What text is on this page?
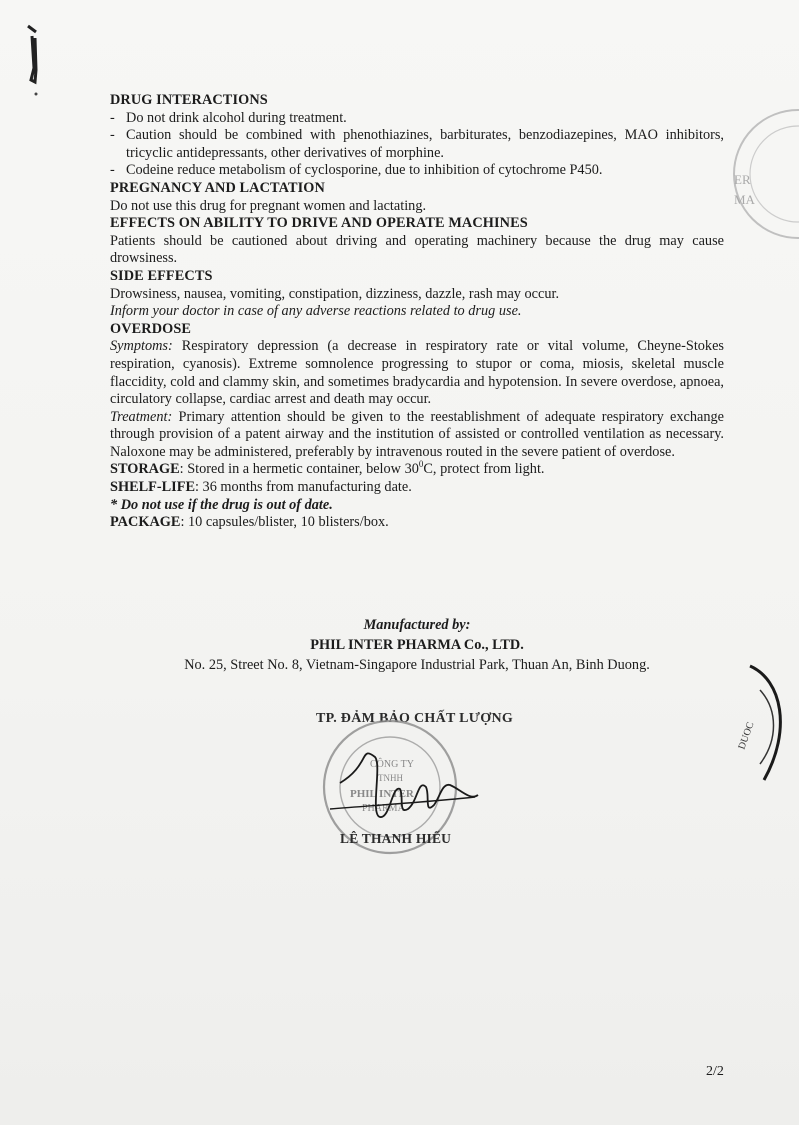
DRUG INTERACTIONS
- Do not drink alcohol during treatment.
- Caution should be combined with phenothiazines, barbiturates, benzodiazepines, MAO inhibitors, tricyclic antidepressants, other derivatives of morphine.
- Codeine reduce metabolism of cyclosporine, due to inhibition of cytochrome P450.
PREGNANCY AND LACTATION
Do not use this drug for pregnant women and lactating.
EFFECTS ON ABILITY TO DRIVE AND OPERATE MACHINES
Patients should be cautioned about driving and operating machinery because the drug may cause drowsiness.
SIDE EFFECTS
Drowsiness, nausea, vomiting, constipation, dizziness, dazzle, rash may occur.
Inform your doctor in case of any adverse reactions related to drug use.
OVERDOSE
Symptoms: Respiratory depression (a decrease in respiratory rate or vital volume, Cheyne-Stokes respiration, cyanosis). Extreme somnolence progressing to stupor or coma, miosis, skeletal muscle flaccidity, cold and clammy skin, and sometimes bradycardia and hypotension. In severe overdose, apnoea, circulatory collapse, cardiac arrest and death may occur.
Treatment: Primary attention should be given to the reestablishment of adequate respiratory exchange through provision of a patent airway and the institution of assisted or controlled ventilation as necessary. Naloxone may be administered, preferably by intravenous routed in the severe patient of overdose.
STORAGE: Stored in a hermetic container, below $30^0C$, protect from light.
SHELF-LIFE: 36 months from manufacturing date.
* Do not use if the drug is out of date.
PACKAGE: 10 capsules/blister, 10 blisters/box.
Manufactured by:
PHIL INTER PHARMA Co., LTD.
No. 25, Street No. 8, Vietnam-Singapore Industrial Park, Thuan An, Binh Duong.
TP. ĐẢM BẢO CHẤT LƯỢNG
CÔNG TY
TNHH
PHIL INTER
PHARMA
LÊ THANH HIẾU
ER
MA
DUOC
2/2
